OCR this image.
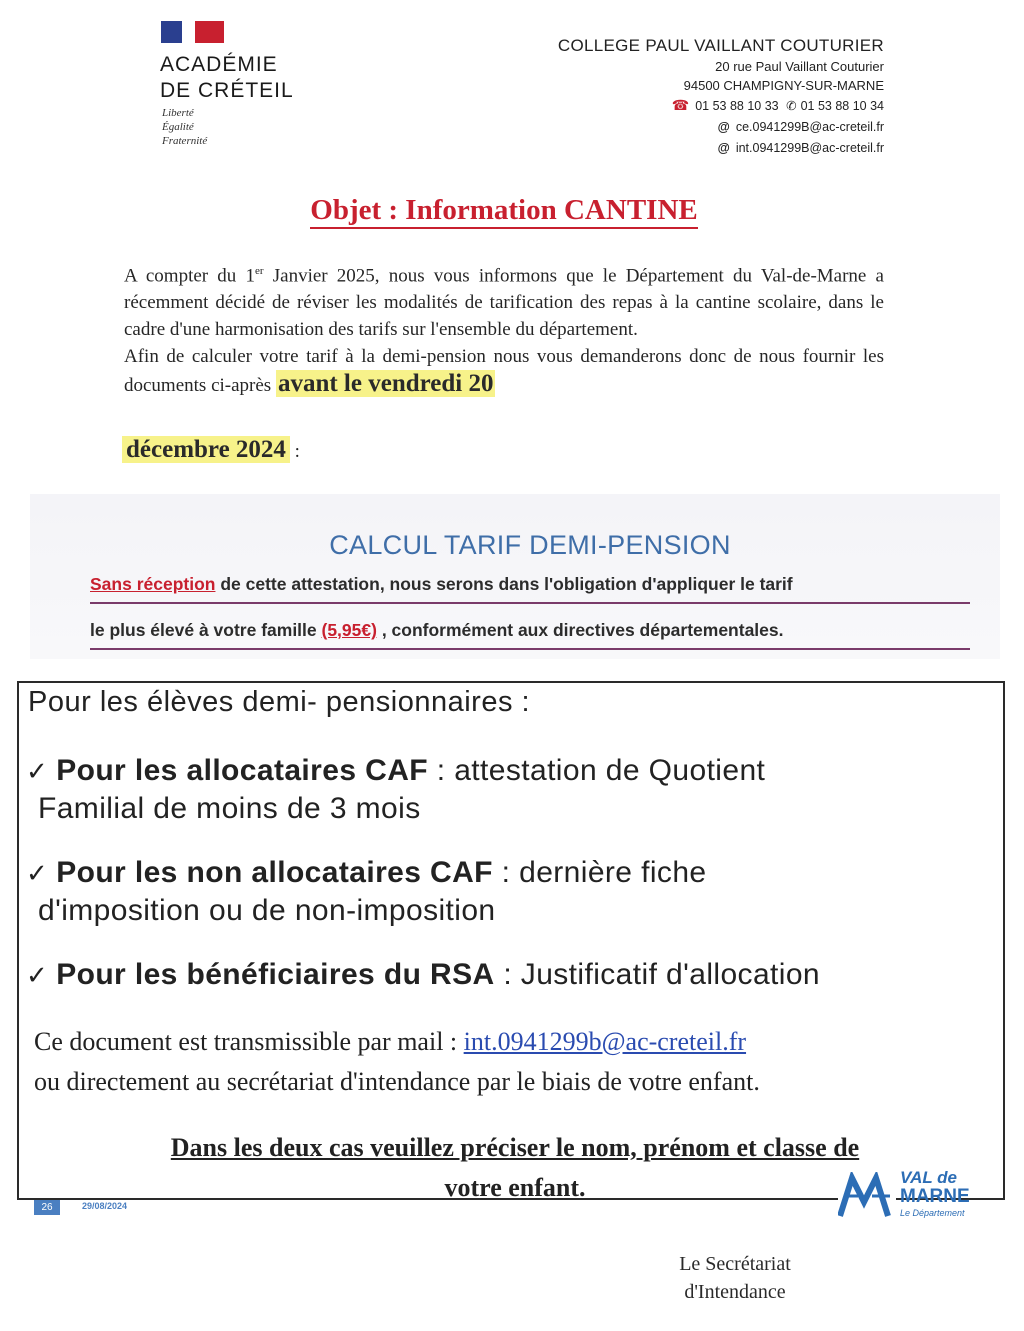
ACADÉMIE
DE CRÉTEIL
Liberté
Égalité
Fraternité
COLLEGE PAUL VAILLANT COUTURIER
20 rue Paul Vaillant Couturier
94500 CHAMPIGNY-SUR-MARNE
☎ 01 53 88 10 33 ✆ 01 53 88 10 34
@ ce.0941299B@ac-creteil.fr
@ int.0941299B@ac-creteil.fr
Objet : Information CANTINE

A compter du 1er Janvier 2025, nous vous informons que le Département du Val-de-Marne a récemment décidé de réviser les modalités de tarification des repas à la cantine scolaire, dans le cadre d'une harmonisation des tarifs sur l'ensemble du département.

Afin de calculer votre tarif à la demi-pension nous vous demanderons donc de nous fournir les documents ci-après avant le vendredi 20

décembre 2024 :
CALCUL TARIF DEMI-PENSION
Sans réception de cette attestation, nous serons dans l'obligation d'appliquer le tarif
le plus élevé à votre famille (5,95€) , conformément aux directives départementales.
Pour les élèves demi- pensionnaires :
✓ Pour les allocataires CAF : attestation de Quotient
Familial de moins de 3 mois
✓ Pour les non allocataires CAF : dernière fiche
d'imposition ou de non-imposition
✓ Pour les bénéficiaires du RSA : Justificatif d'allocation
Ce document est transmissible par mail : int.0941299b@ac-creteil.fr
ou directement au secrétariat d'intendance par le biais de votre enfant.
Dans les deux cas veuillez préciser le nom, prénom et classe de
votre enfant.
26	29/08/2024
VAL de
MARNE
Le Département
Le Secrétariat
d'Intendance
